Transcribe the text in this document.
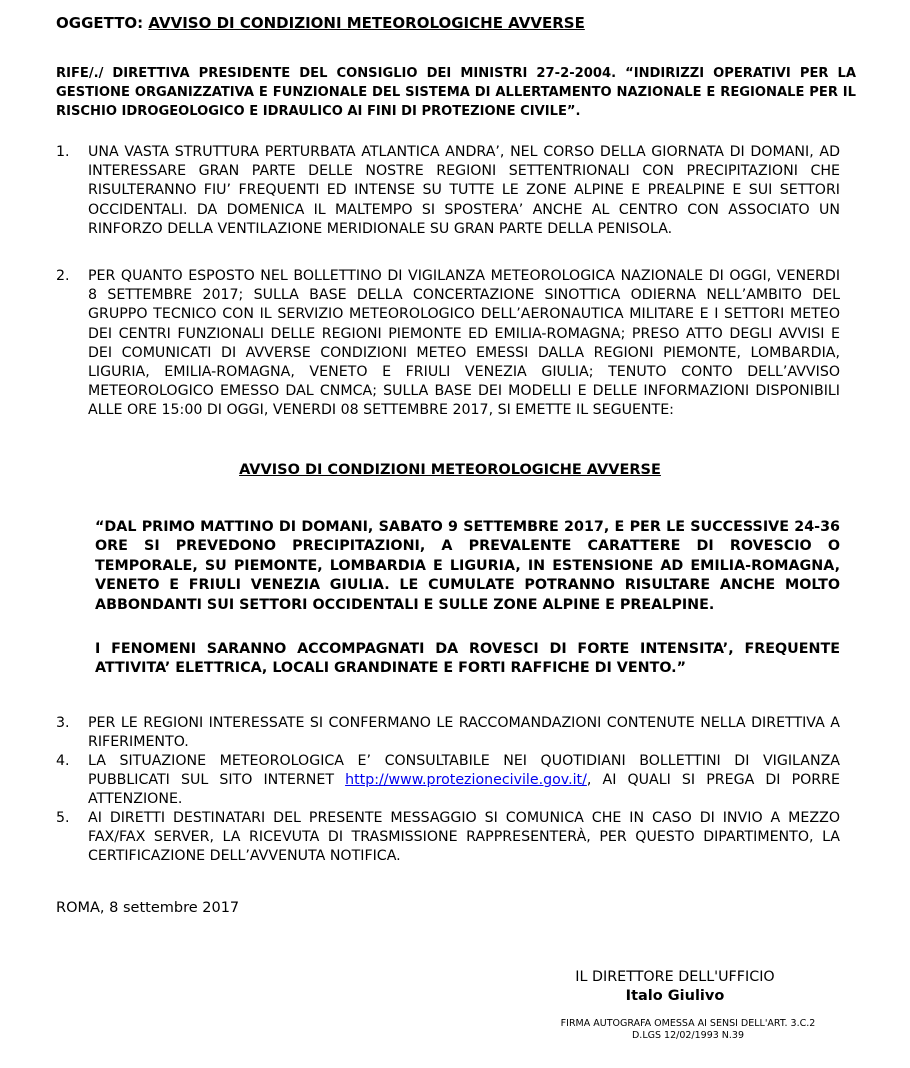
OGGETTO: AVVISO DI CONDIZIONI METEOROLOGICHE AVVERSE
RIFE/./ DIRETTIVA PRESIDENTE DEL CONSIGLIO DEI MINISTRI 27-2-2004. “INDIRIZZI OPERATIVI PER LA GESTIONE ORGANIZZATIVA E FUNZIONALE DEL SISTEMA DI ALLERTAMENTO NAZIONALE E REGIONALE PER IL RISCHIO IDROGEOLOGICO E IDRAULICO AI FINI DI PROTEZIONE CIVILE”.
1.	UNA VASTA STRUTTURA PERTURBATA ATLANTICA ANDRA’, NEL CORSO DELLA GIORNATA DI DOMANI, AD INTERESSARE GRAN PARTE DELLE NOSTRE REGIONI SETTENTRIONALI CON PRECIPITAZIONI CHE RISULTERANNO FIU’ FREQUENTI ED INTENSE SU TUTTE LE ZONE ALPINE E PREALPINE E SUI SETTORI OCCIDENTALI. DA DOMENICA IL MALTEMPO SI SPOSTERA’ ANCHE AL CENTRO CON ASSOCIATO UN RINFORZO DELLA VENTILAZIONE MERIDIONALE SU GRAN PARTE DELLA PENISOLA.
2.	PER QUANTO ESPOSTO NEL BOLLETTINO DI VIGILANZA METEOROLOGICA NAZIONALE DI OGGI, VENERDI 8 SETTEMBRE 2017; SULLA BASE DELLA CONCERTAZIONE SINOTTICA ODIERNA NELL’AMBITO DEL GRUPPO TECNICO CON IL SERVIZIO METEOROLOGICO DELL’AERONAUTICA MILITARE E I SETTORI METEO DEI CENTRI FUNZIONALI DELLE REGIONI PIEMONTE ED EMILIA-ROMAGNA; PRESO ATTO DEGLI AVVISI E DEI COMUNICATI DI AVVERSE CONDIZIONI METEO EMESSI DALLA REGIONI PIEMONTE, LOMBARDIA, LIGURIA, EMILIA-ROMAGNA, VENETO E FRIULI VENEZIA GIULIA; TENUTO CONTO DELL’AVVISO METEOROLOGICO EMESSO DAL CNMCA; SULLA BASE DEI MODELLI E DELLE INFORMAZIONI DISPONIBILI ALLE ORE 15:00 DI OGGI, VENERDI 08 SETTEMBRE 2017, SI EMETTE IL SEGUENTE:
AVVISO DI CONDIZIONI METEOROLOGICHE AVVERSE
“DAL PRIMO MATTINO DI DOMANI, SABATO 9 SETTEMBRE 2017, E PER LE SUCCESSIVE 24-36 ORE SI PREVEDONO PRECIPITAZIONI, A PREVALENTE CARATTERE DI ROVESCIO O TEMPORALE, SU PIEMONTE, LOMBARDIA E LIGURIA, IN ESTENSIONE AD EMILIA-ROMAGNA, VENETO E FRIULI VENEZIA GIULIA. LE CUMULATE POTRANNO RISULTARE ANCHE MOLTO ABBONDANTI SUI SETTORI OCCIDENTALI E SULLE ZONE ALPINE E PREALPINE.
I FENOMENI SARANNO ACCOMPAGNATI DA ROVESCI DI FORTE INTENSITA’, FREQUENTE ATTIVITA’ ELETTRICA, LOCALI GRANDINATE E FORTI RAFFICHE DI VENTO.”
3.	PER LE REGIONI INTERESSATE SI CONFERMANO LE RACCOMANDAZIONI CONTENUTE NELLA DIRETTIVA A RIFERIMENTO.
4.	LA SITUAZIONE METEOROLOGICA E’ CONSULTABILE NEI QUOTIDIANI BOLLETTINI DI VIGILANZA PUBBLICATI SUL SITO INTERNET http://www.protezionecivile.gov.it/, AI QUALI SI PREGA DI PORRE ATTENZIONE.
5.	AI DIRETTI DESTINATARI DEL PRESENTE MESSAGGIO SI COMUNICA CHE IN CASO DI INVIO A MEZZO FAX/FAX SERVER, LA RICEVUTA DI TRASMISSIONE RAPPRESENTERÀ, PER QUESTO DIPARTIMENTO, LA CERTIFICAZIONE DELL’AVVENUTA NOTIFICA.
ROMA, 8 settembre 2017
IL DIRETTORE DELL'UFFICIO
Italo Giulivo
FIRMA AUTOGRAFA OMESSA AI SENSI DELL'ART. 3.C.2
D.LGS 12/02/1993 N.39
